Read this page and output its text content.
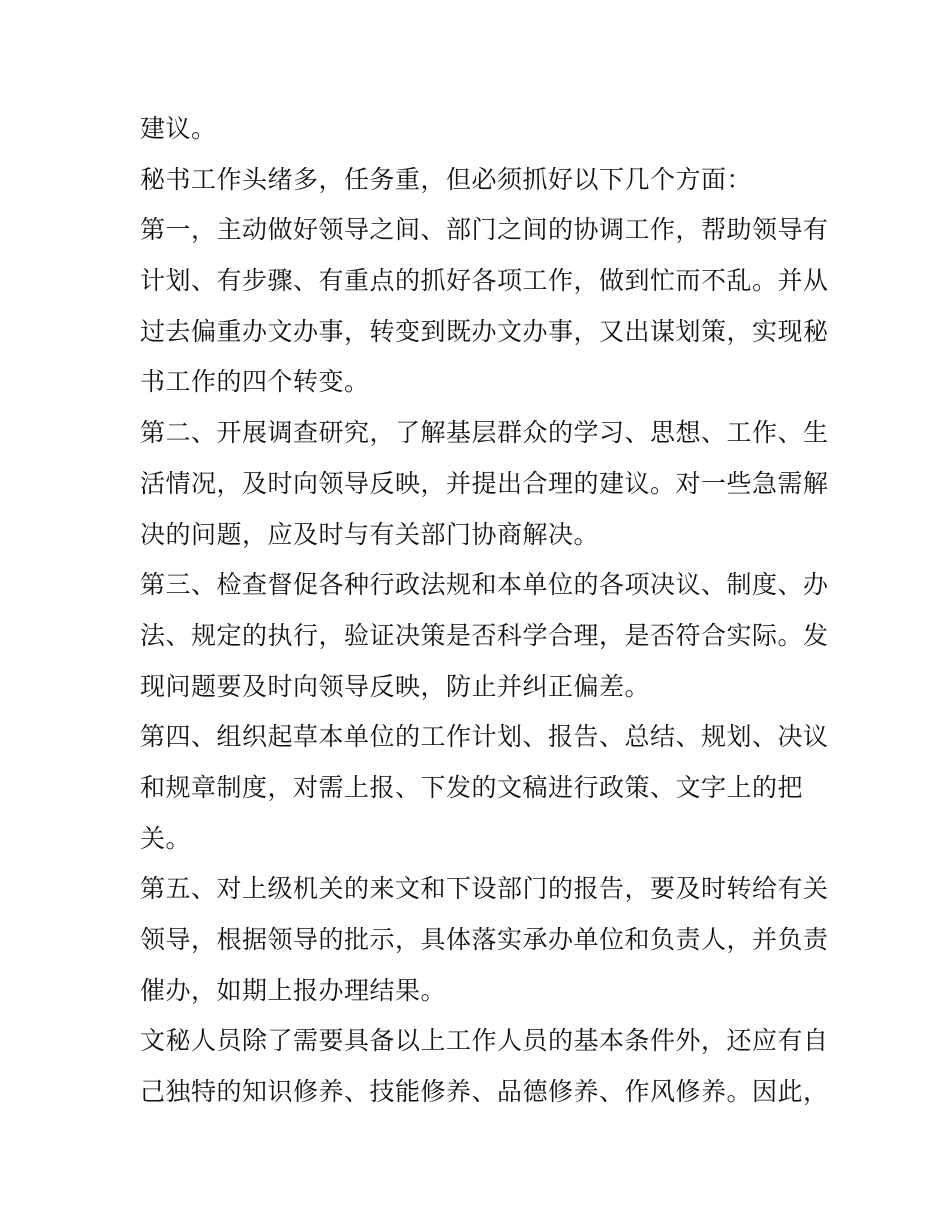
建议。
秘书工作头绪多，任务重，但必须抓好以下几个方面：
第一，主动做好领导之间、部门之间的协调工作，帮助领导有
计划、有步骤、有重点的抓好各项工作，做到忙而不乱。并从
过去偏重办文办事，转变到既办文办事，又出谋划策，实现秘
书工作的四个转变。
第二、开展调查研究，了解基层群众的学习、思想、工作、生
活情况，及时向领导反映，并提出合理的建议。对一些急需解
决的问题，应及时与有关部门协商解决。
第三、检查督促各种行政法规和本单位的各项决议、制度、办
法、规定的执行，验证决策是否科学合理，是否符合实际。发
现问题要及时向领导反映，防止并纠正偏差。
第四、组织起草本单位的工作计划、报告、总结、规划、决议
和规章制度，对需上报、下发的文稿进行政策、文字上的把
关。
第五、对上级机关的来文和下设部门的报告，要及时转给有关
领导，根据领导的批示，具体落实承办单位和负责人，并负责
催办，如期上报办理结果。
文秘人员除了需要具备以上工作人员的基本条件外，还应有自
己独特的知识修养、技能修养、品德修养、作风修养。因此，
